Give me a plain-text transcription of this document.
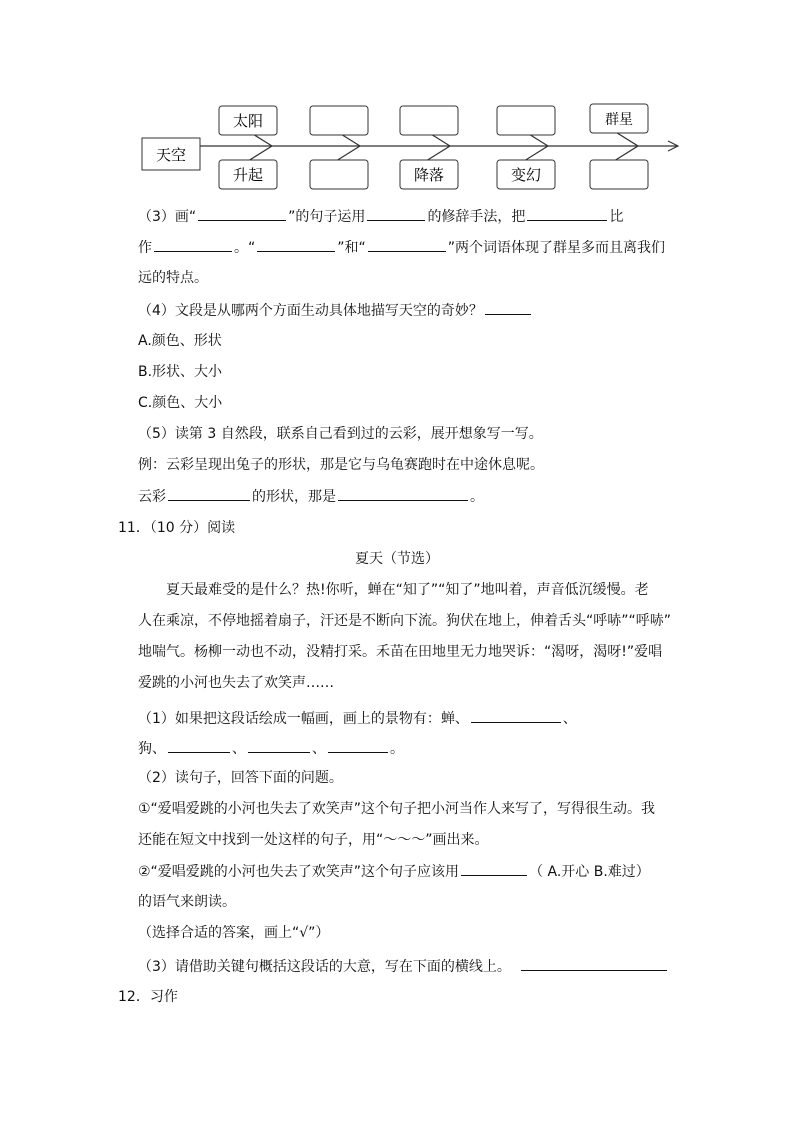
天空
太阳	群星
升起	降落	变幻
（3）画“	”的句子运用	的修辞手法，把	比
作	。“	”和“	”两个词语体现了群星多而且离我们
远的特点。
（4）文段是从哪两个方面生动具体地描写天空的奇妙？
A.颜色、形状
B.形状、大小
C.颜色、大小
（5）读第 3 自然段，联系自己看到过的云彩，展开想象写一写。
例：云彩呈现出兔子的形状，那是它与乌龟赛跑时在中途休息呢。
云彩	的形状，那是	。
11．（10 分）阅读
夏天（节选）
夏天最难受的是什么？热!你听，蝉在“知了”“知了”地叫着，声音低沉缓慢。老
人在乘凉，不停地摇着扇子，汗还是不断向下流。狗伏在地上，伸着舌头“呼哧”“呼哧”
地喘气。杨柳一动也不动，没精打采。禾苗在田地里无力地哭诉：“渴呀，渴呀!”爱唱
爱跳的小河也失去了欢笑声……
（1）如果把这段话绘成一幅画，画上的景物有：蝉、	、
狗、	、	、	。
（2）读句子，回答下面的问题。
①“爱唱爱跳的小河也失去了欢笑声”这个句子把小河当作人来写了，写得很生动。我
还能在短文中找到一处这样的句子，用“～～～”画出来。
②“爱唱爱跳的小河也失去了欢笑声”这个句子应该用	（ A.开心 B.难过）
的语气来朗读。
（选择合适的答案，画上“√”）
（3）请借助关键句概括这段话的大意，写在下面的横线上。
12．习作
